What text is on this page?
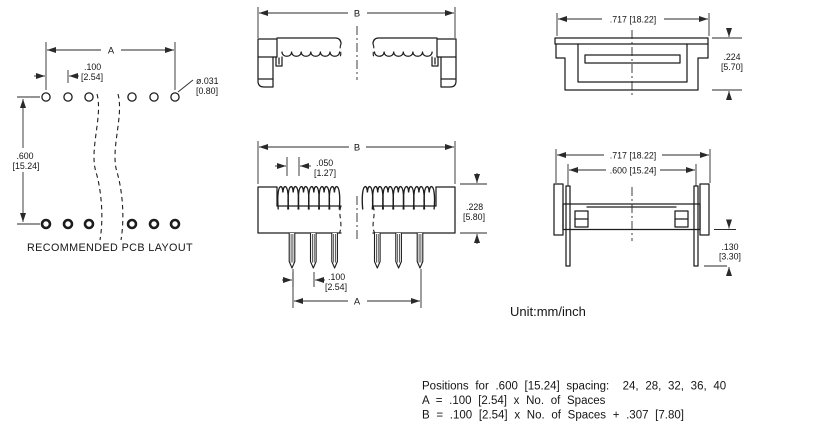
A
.100
[2.54]
.600
[15.24]
ø.031
[0.80]
RECOMMENDED PCB LAYOUT
B
.717 [18.22]
.224
[5.70]
B
.050
[1.27]
.228
[5.80]
.100
[2.54]
A
.717 [18.22]
.600 [15.24]
.130
[3.30]
Unit:mm/inch
Positions for .600 [15.24] spacing:  24, 28, 32, 36, 40
A = .100 [2.54] x No. of Spaces
B = .100 [2.54] x No. of Spaces + .307 [7.80]
